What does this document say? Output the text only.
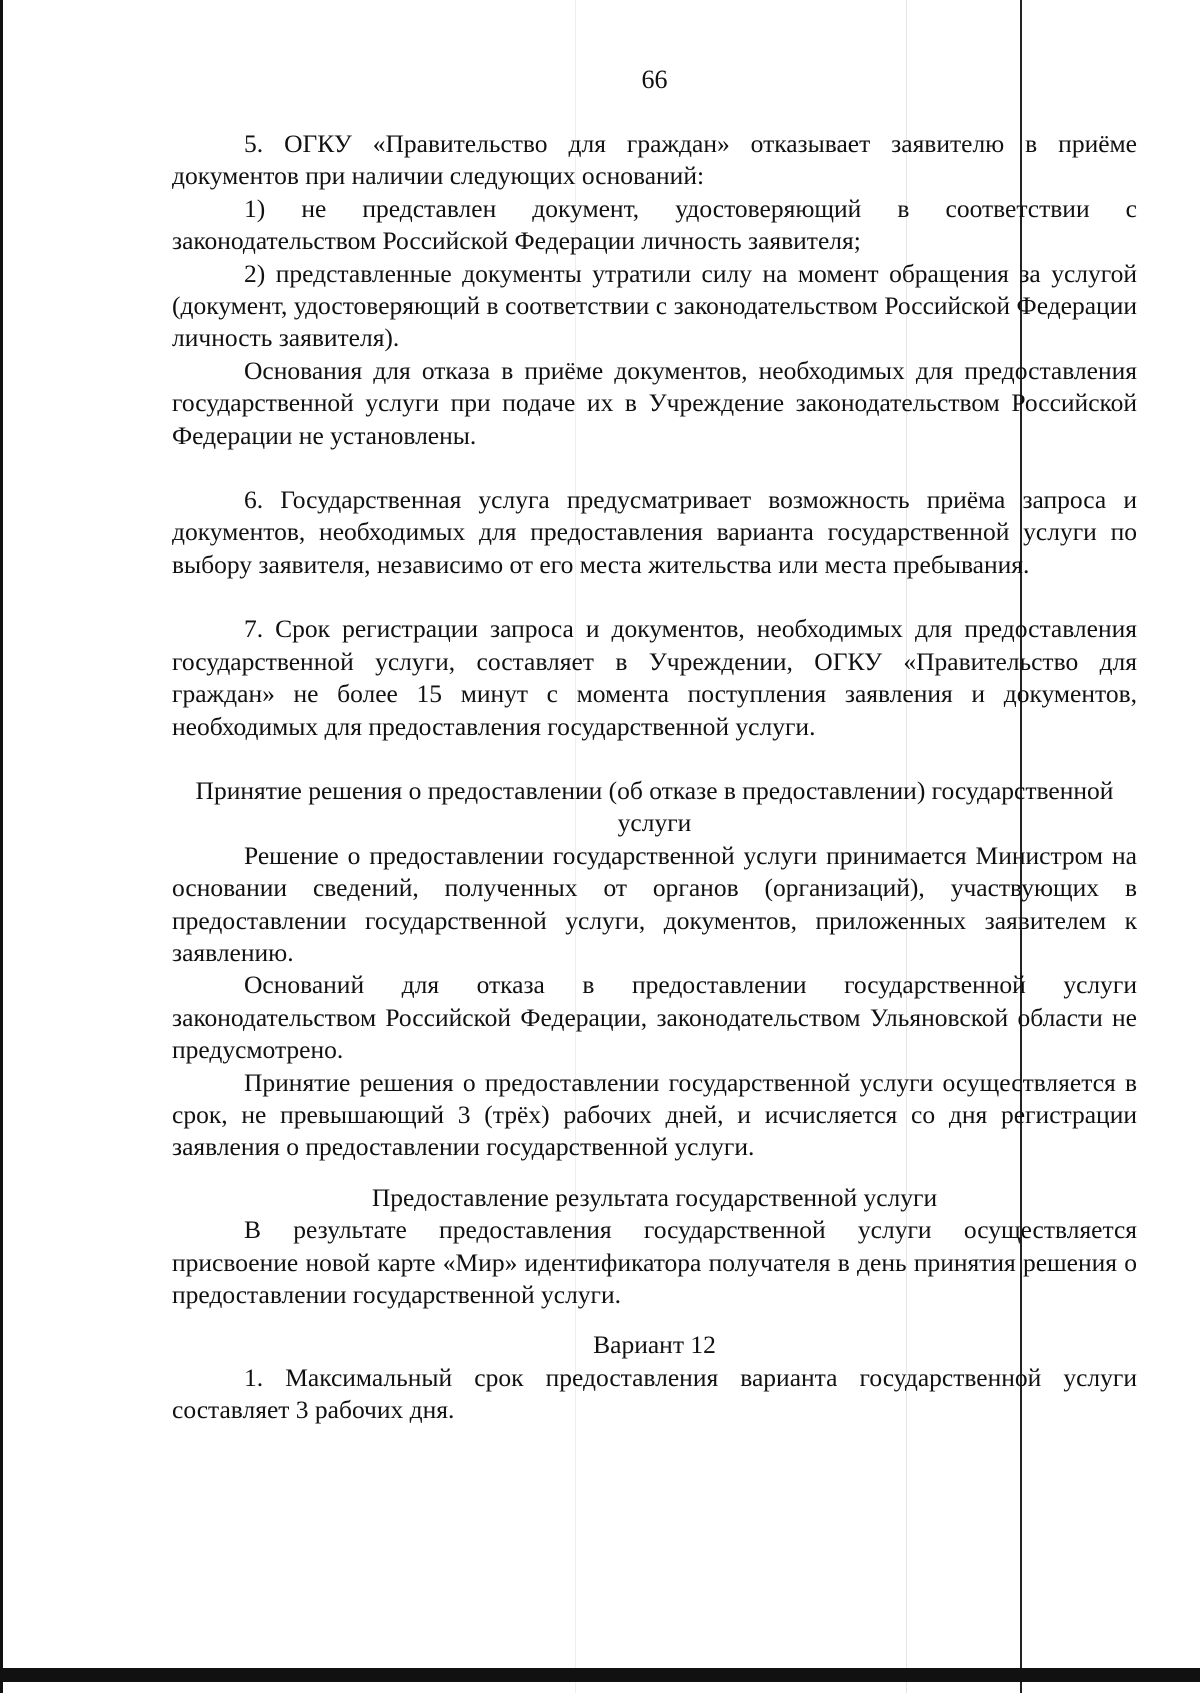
66

5. ОГКУ «Правительство для граждан» отказывает заявителю в приёме документов при наличии следующих оснований:

1) не представлен документ, удостоверяющий в соответствии с законодательством Российской Федерации личность заявителя;

2) представленные документы утратили силу на момент обращения за услугой (документ, удостоверяющий в соответствии с законодательством Российской Федерации личность заявителя).

Основания для отказа в приёме документов, необходимых для предоставления государственной услуги при подаче их в Учреждение законодательством Российской Федерации не установлены.

6. Государственная услуга предусматривает возможность приёма запроса и документов, необходимых для предоставления варианта государственной услуги по выбору заявителя, независимо от его места жительства или места пребывания.

7. Срок регистрации запроса и документов, необходимых для предоставления государственной услуги, составляет в Учреждении, ОГКУ «Правительство для граждан» не более 15 минут с момента поступления заявления и документов, необходимых для предоставления государственной услуги.

Принятие решения о предоставлении (об отказе в предоставлении) государственной услуги

Решение о предоставлении государственной услуги принимается Министром на основании сведений, полученных от органов (организаций), участвующих в предоставлении государственной услуги, документов, приложенных заявителем к заявлению.

Оснований для отказа в предоставлении государственной услуги законодательством Российской Федерации, законодательством Ульяновской области не предусмотрено.

Принятие решения о предоставлении государственной услуги осуществляется в срок, не превышающий 3 (трёх) рабочих дней, и исчисляется со дня регистрации заявления о предоставлении государственной услуги.

Предоставление результата государственной услуги

В результате предоставления государственной услуги осуществляется присвоение новой карте «Мир» идентификатора получателя в день принятия решения о предоставлении государственной услуги.

Вариант 12

1. Максимальный срок предоставления варианта государственной услуги составляет 3 рабочих дня.
